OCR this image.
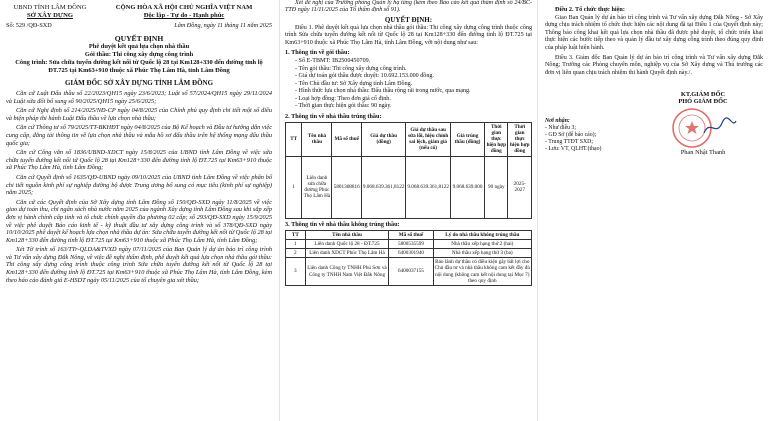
UBND TỈNH LÂM ĐỒNG
SỞ XÂY DỰNG
CỘNG HÒA XÃ HỘI CHỦ NGHĨA VIỆT NAM
Độc lập - Tự do - Hạnh phúc
Số: 529 /QĐ-SXD	Lâm Đồng, ngày 11 tháng 11 năm 2025
QUYẾT ĐỊNH
Phê duyệt kết quả lựa chọn nhà thầu
Gói thầu: Thi công xây dựng công trình
Công trình: Sửa chữa tuyến đường kết nối từ Quốc lộ 28 tại Km128+330 đến đường tỉnh lộ ĐT.725 tại Km63+910 thuộc xã Phúc Thọ Lâm Hà, tỉnh Lâm Đồng
GIÁM ĐỐC SỞ XÂY DỰNG TỈNH LÂM ĐỒNG

Căn cứ Luật Đấu thầu số 22/2023/QH15 ngày 23/6/2023; Luật số 57/2024/QH15 ngày 29/11/2024 và Luật sửa đổi bổ sung số 90/2025/QH15 ngày 25/6/2025;

Căn cứ Nghị định số 214/2025/NĐ-CP ngày 04/8/2025 của Chính phủ quy định chi tiết một số điều và biện pháp thi hành Luật Đấu thầu về lựa chọn nhà thầu;

Căn cứ Thông tư số 79/2025/TT-BKHĐT ngày 04/8/2025 của Bộ Kế hoạch và Đầu tư hướng dẫn việc cung cấp, đăng tải thông tin về lựa chọn nhà thầu và mẫu hồ sơ đấu thầu trên hệ thống mạng đấu thầu quốc gia;

Căn cứ Công văn số 1836/UBND-XDCT ngày 15/8/2025 của UBND tỉnh Lâm Đồng về việc sửa chữa tuyến đường kết nối từ Quốc lộ 28 tại Km128+330 đến đường tỉnh lộ ĐT.725 tại Km63+910 thuộc xã Phúc Thọ Lâm Hà, tỉnh Lâm Đồng;

Căn cứ Quyết định số 1635/QĐ-UBND ngày 09/10/2025 của UBND tỉnh Lâm Đồng về việc phân bổ chi tiết nguồn kinh phí sự nghiệp đường bộ được Trung ương bổ sung có mục tiêu (kinh phí sự nghiệp) năm 2025;

Căn cứ các Quyết định của Sở Xây dựng tỉnh Lâm Đồng số 150/QĐ-SXD ngày 11/8/2025 về việc giao dự toán thu, chi ngân sách nhà nước năm 2025 của ngành Xây dựng tỉnh Lâm Đồng sau khi sắp xếp đơn vị hành chính cấp tỉnh và tổ chức chính quyền địa phương 02 cấp; số 293/QĐ-SXD ngày 15/9/2025 về việc phê duyệt Báo cáo kinh tế - kỹ thuật đầu tư xây dựng công trình và số 378/QĐ-SXD ngày 10/10/2025 phê duyệt kế hoạch lựa chọn nhà thầu dự án: Sửa chữa tuyến đường kết nối từ Quốc lộ 28 tại Km128+330 đến đường tỉnh lộ ĐT.725 tại Km63+910 thuộc xã Phúc Thọ Lâm Hà, tỉnh Lâm Đồng;

Xét Tờ trình số 163/TTr-QLDA&TVXD ngày 07/11/2025 của Ban Quản lý dự án bảo trì công trình và Tư vấn xây dựng Đắk Nông, về việc đề nghị thẩm định, phê duyệt kết quả lựa chọn nhà thầu gói thầu: Thi công xây dựng công trình thuộc công trình Sửa chữa tuyến đường kết nối từ Quốc lộ 28 tại Km128+330 đến đường tỉnh lộ ĐT.725 tại Km63+910 thuộc xã Phúc Thọ Lâm Hà, tỉnh Lâm Đồng, kèm theo báo cáo đánh giá E-HSDT ngày 05/11/2025 của tổ chuyên gia xét thầu;

Xét đề nghị của Trưởng phòng Quản lý hạ tầng (kèm theo Báo cáo kết quả thẩm định số 24/BC-TTĐ ngày 11/11/2025 của Tổ thẩm định số 91).

QUYẾT ĐỊNH:

Điều 1. Phê duyệt kết quả lựa chọn nhà thầu gói thầu: Thi công xây dựng công trình thuộc công trình Sửa chữa tuyến đường kết nối từ Quốc lộ 28 tại Km128+330 đến đường tỉnh lộ ĐT.725 tại Km63+910 thuộc xã Phúc Thọ Lâm Hà, tỉnh Lâm Đồng, với nội dung như sau:

1. Thông tin về gói thầu:
- Số E-TBMT: IB2500450709.
- Tên gói thầu: Thi công xây dựng công trình.
- Giá dự toán gói thầu được duyệt: 10.692.153.000 đồng.
- Tên Chủ đầu tư: Sở Xây dựng tỉnh Lâm Đồng.
- Hình thức lựa chọn nhà thầu: Đấu thầu rộng rãi trong nước, qua mạng.
- Loại hợp đồng: Theo đơn giá cố định.
- Thời gian thực hiện gói thầu: 90 ngày.
2. Thông tin về nhà thầu trúng thầu:
TT	Tên nhà thầu	Mã số thuế	Giá dự thầu (đồng)	Giá dự thầu sau sửa lỗi, hiệu chỉnh sai lệch, giảm giá (nếu có)	Giá trúng thầu (đồng)	Thời gian thực hiện hợp đồng	Thời gian thực hiện hợp đồng
1	Liên danh sửa chữa đường Phúc Thọ Lâm Hà	5801308816	9.068.639.361,8122	9.068.639.361,8122	9.068.639.000	90 ngày	2025-2027
3. Thông tin về nhà thầu không trúng thầu:
TT	Tên nhà thầu	Mã số thuế	Lý do nhà thầu không trúng thầu
1	Liên danh Quốc lộ 28 - ĐT.725	5800535599	Nhà thầu xếp hạng thứ 2 (hai)
2	Liên danh XDCT Phúc Thọ Lâm Hà	6400301940	Nhà thầu xếp hạng thứ 3 (ba)
3	Liên danh Công ty TNHH Phú Sơn và Công ty TNHH Nam Việt Đắk Nông	6400037155	Bảo lãnh dự thầu có điều kiện gây bất lợi cho Chủ đầu tư và nhà thầu không cam kết đầy đủ nội dung (không cam kết nội dung tại Mục 7) theo quy định
Điều 2. Tổ chức thực hiện:

Giao Ban Quản lý dự án bảo trì công trình và Tư vấn xây dựng Đắk Nông - Sở Xây dựng chịu trách nhiệm tổ chức thực hiện các nội dung đã tại Điều 1 của Quyết định này; Thông báo công khai kết quả lựa chọn nhà thầu đã được phê duyệt, tổ chức triển khai thực hiện các bước tiếp theo và quản lý đầu tư xây dựng công trình theo đúng quy định của pháp luật hiện hành.

Điều 3. Giám đốc Ban Quản lý dự án bảo trì công trình và Tư vấn xây dựng Đắk Nông; Trưởng các Phòng chuyên môn, nghiệp vụ của Sở Xây dựng và Thủ trưởng các đơn vị liên quan chịu trách nhiệm thi hành Quyết định này./.

KT.GIÁM ĐỐC
PHÓ GIÁM ĐỐC
Phan Nhật Thanh
Nơi nhận:
- Như điều 3;
- GĐ Sở (để báo cáo);
- Trung TTĐT SXD;
- Lưu: VT, QLHT.(thạo)
